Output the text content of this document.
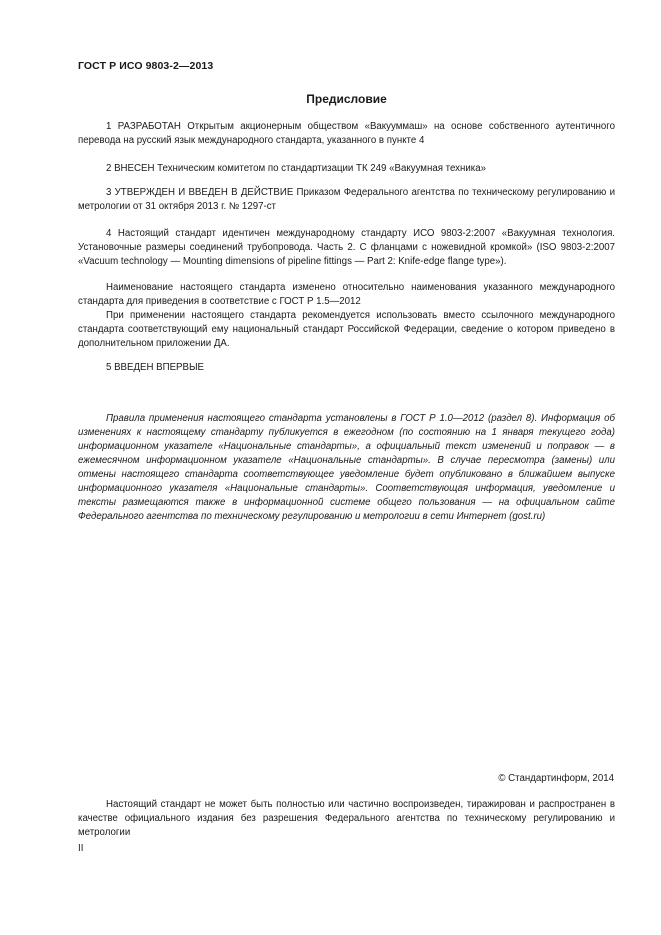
ГОСТ Р ИСО 9803-2—2013
Предисловие

1 РАЗРАБОТАН Открытым акционерным обществом «Вакууммаш» на основе собственного аутентичного перевода на русский язык международного стандарта, указанного в пункте 4

2 ВНЕСЕН Техническим комитетом по стандартизации ТК 249 «Вакуумная техника»

3 УТВЕРЖДЕН И ВВЕДЕН В ДЕЙСТВИЕ Приказом Федерального агентства по техническому регулированию и метрологии от 31 октября 2013 г. № 1297-ст

4 Настоящий стандарт идентичен международному стандарту ИСО 9803-2:2007 «Вакуумная технология. Установочные размеры соединений трубопровода. Часть 2. С фланцами с ножевидной кромкой» (ISO 9803-2:2007 «Vacuum technology — Mounting dimensions of pipeline fittings — Part 2: Knife-edge flange type»).

Наименование настоящего стандарта изменено относительно наименования указанного международного стандарта для приведения в соответствие с ГОСТ Р 1.5—2012

При применении настоящего стандарта рекомендуется использовать вместо ссылочного международного стандарта соответствующий ему национальный стандарт Российской Федерации, сведение о котором приведено в дополнительном приложении ДА.

5 ВВЕДЕН ВПЕРВЫЕ

Правила применения настоящего стандарта установлены в ГОСТ Р 1.0—2012 (раздел 8). Информация об изменениях к настоящему стандарту публикуется в ежегодном (по состоянию на 1 января текущего года) информационном указателе «Национальные стандарты», а официальный текст изменений и поправок — в ежемесячном информационном указателе «Национальные стандарты». В случае пересмотра (замены) или отмены настоящего стандарта соответствующее уведомление будет опубликовано в ближайшем выпуске информационного указателя «Национальные стандарты». Соответствующая информация, уведомление и тексты размещаются также в информационной системе общего пользования — на официальном сайте Федерального агентства по техническому регулированию и метрологии в сети Интернет (gost.ru)

© Стандартинформ, 2014

Настоящий стандарт не может быть полностью или частично воспроизведен, тиражирован и распространен в качестве официального издания без разрешения Федерального агентства по техническому регулированию и метрологии

II
